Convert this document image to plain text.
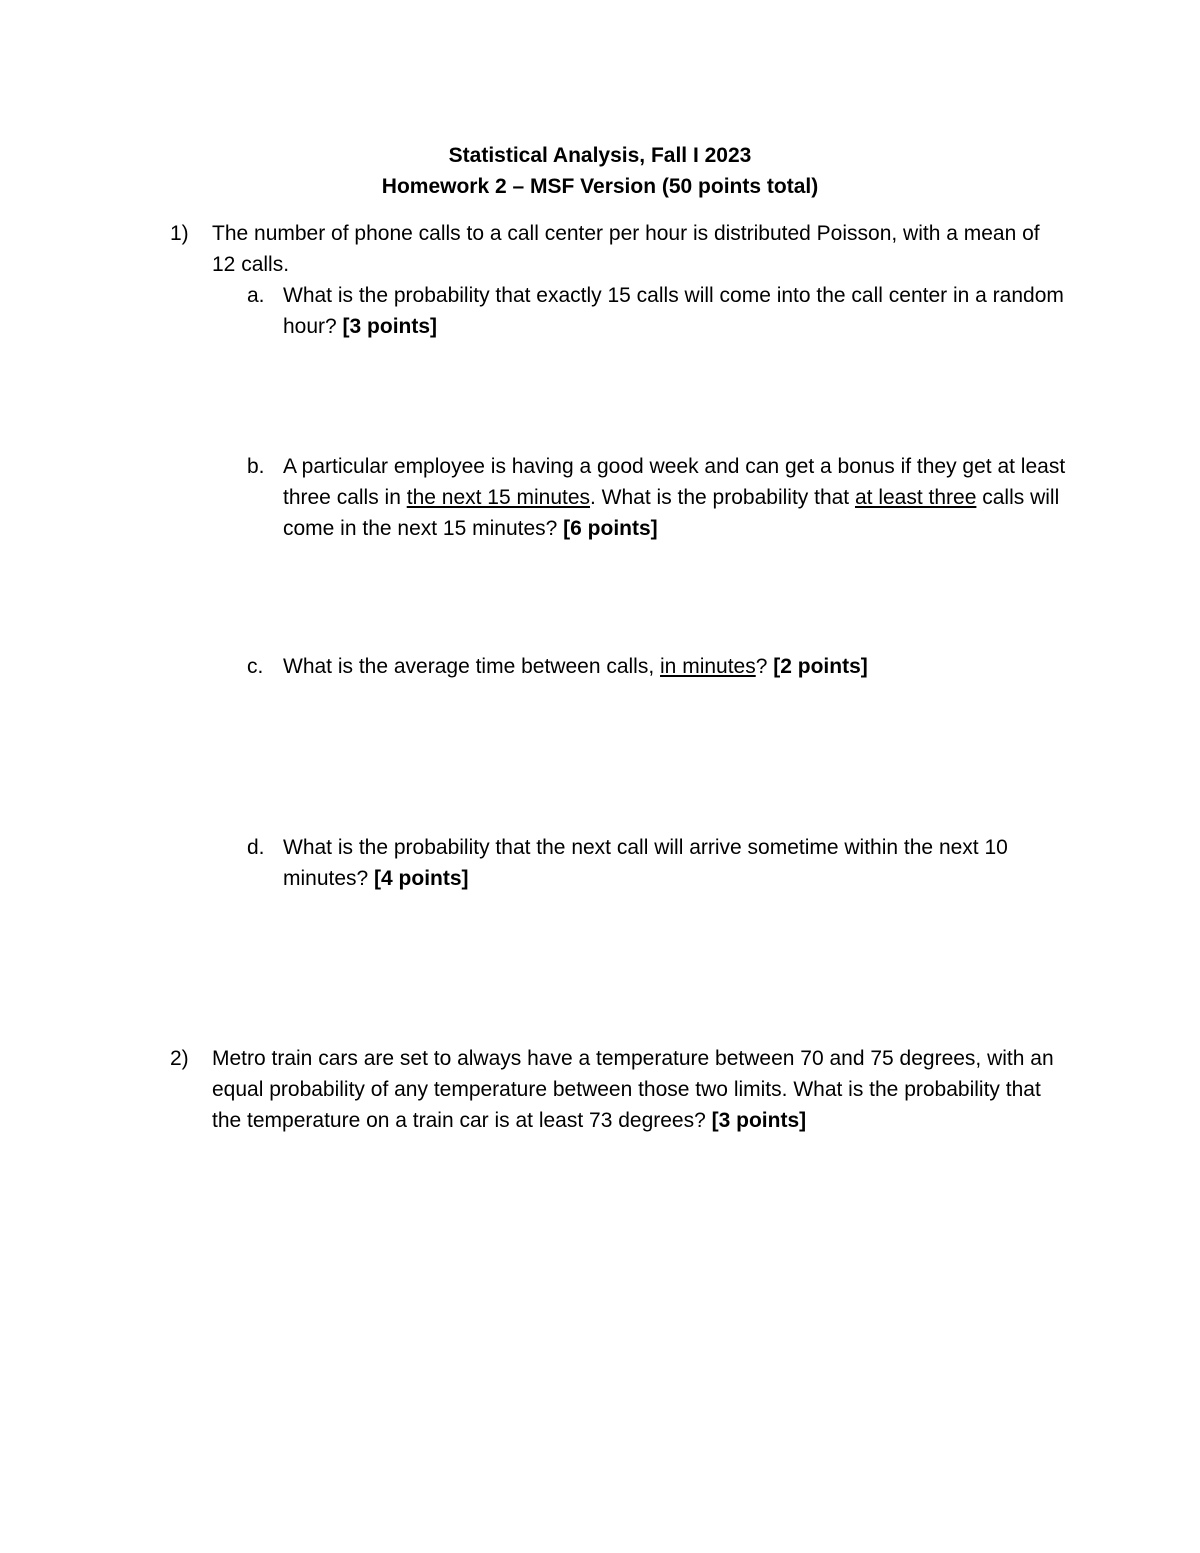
Statistical Analysis, Fall I 2023
Homework 2 – MSF Version (50 points total)
1)	The number of phone calls to a call center per hour is distributed Poisson, with a mean of 12 calls.
a. What is the probability that exactly 15 calls will come into the call center in a random hour? [3 points]
b. A particular employee is having a good week and can get a bonus if they get at least three calls in the next 15 minutes. What is the probability that at least three calls will come in the next 15 minutes? [6 points]
c. What is the average time between calls, in minutes? [2 points]
d. What is the probability that the next call will arrive sometime within the next 10 minutes? [4 points]
2)	Metro train cars are set to always have a temperature between 70 and 75 degrees, with an equal probability of any temperature between those two limits. What is the probability that the temperature on a train car is at least 73 degrees? [3 points]
